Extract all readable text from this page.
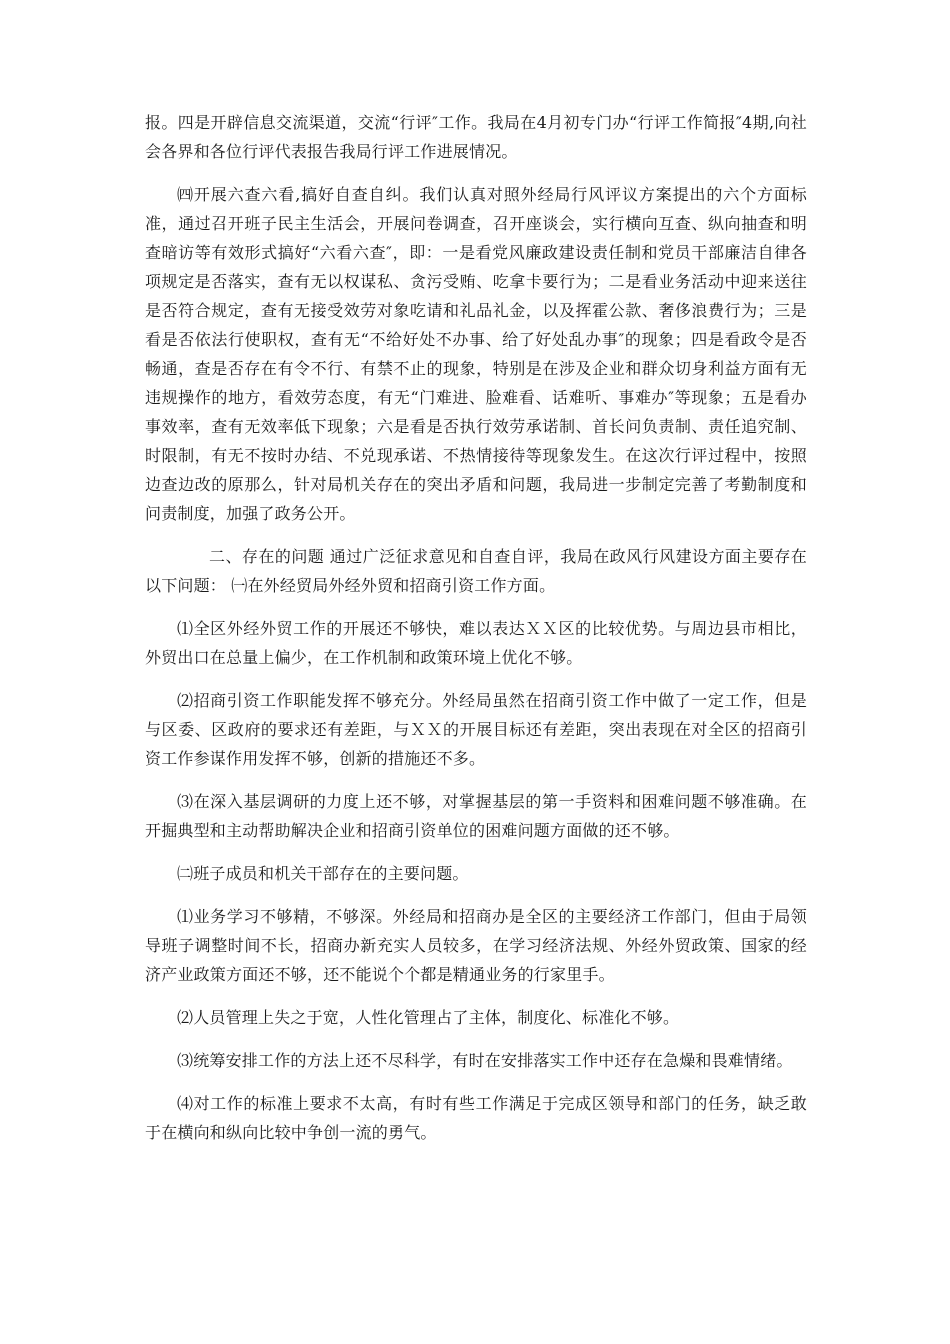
报。四是开辟信息交流渠道，交流“行评″工作。我局在4月初专门办“行评工作简报″4期,向社会各界和各位行评代表报告我局行评工作进展情况。

㈣开展六查六看,搞好自查自纠。我们认真对照外经局行风评议方案提出的六个方面标准，通过召开班子民主生活会，开展问卷调查，召开座谈会，实行横向互查、纵向抽查和明查暗访等有效形式搞好“六看六查″，即：一是看党风廉政建设责任制和党员干部廉洁自律各项规定是否落实，查有无以权谋私、贪污受贿、吃拿卡要行为；二是看业务活动中迎来送往是否符合规定，查有无接受效劳对象吃请和礼品礼金，以及挥霍公款、奢侈浪费行为；三是看是否依法行使职权，查有无“不给好处不办事、给了好处乱办事″的现象；四是看政令是否畅通，查是否存在有令不行、有禁不止的现象，特别是在涉及企业和群众切身利益方面有无违规操作的地方，看效劳态度，有无“门难进、脸难看、话难听、事难办″等现象；五是看办事效率，查有无效率低下现象；六是看是否执行效劳承诺制、首长问负责制、责任追究制、时限制，有无不按时办结、不兑现承诺、不热情接待等现象发生。在这次行评过程中，按照边查边改的原那么，针对局机关存在的突出矛盾和问题，我局进一步制定完善了考勤制度和问责制度，加强了政务公开。

二、存在的问题 通过广泛征求意见和自查自评，我局在政风行风建设方面主要存在以下问题： ㈠在外经贸局外经外贸和招商引资工作方面。

⑴全区外经外贸工作的开展还不够快，难以表达ＸＸ区的比较优势。与周边县市相比，外贸出口在总量上偏少，在工作机制和政策环境上优化不够。

⑵招商引资工作职能发挥不够充分。外经局虽然在招商引资工作中做了一定工作，但是与区委、区政府的要求还有差距，与ＸＸ的开展目标还有差距，突出表现在对全区的招商引资工作参谋作用发挥不够，创新的措施还不多。

⑶在深入基层调研的力度上还不够，对掌握基层的第一手资料和困难问题不够准确。在开掘典型和主动帮助解决企业和招商引资单位的困难问题方面做的还不够。

㈡班子成员和机关干部存在的主要问题。

⑴业务学习不够精，不够深。外经局和招商办是全区的主要经济工作部门，但由于局领导班子调整时间不长，招商办新充实人员较多，在学习经济法规、外经外贸政策、国家的经济产业政策方面还不够，还不能说个个都是精通业务的行家里手。

⑵人员管理上失之于宽，人性化管理占了主体，制度化、标准化不够。

⑶统筹安排工作的方法上还不尽科学，有时在安排落实工作中还存在急燥和畏难情绪。

⑷对工作的标准上要求不太高，有时有些工作满足于完成区领导和部门的任务，缺乏敢于在横向和纵向比较中争创一流的勇气。
